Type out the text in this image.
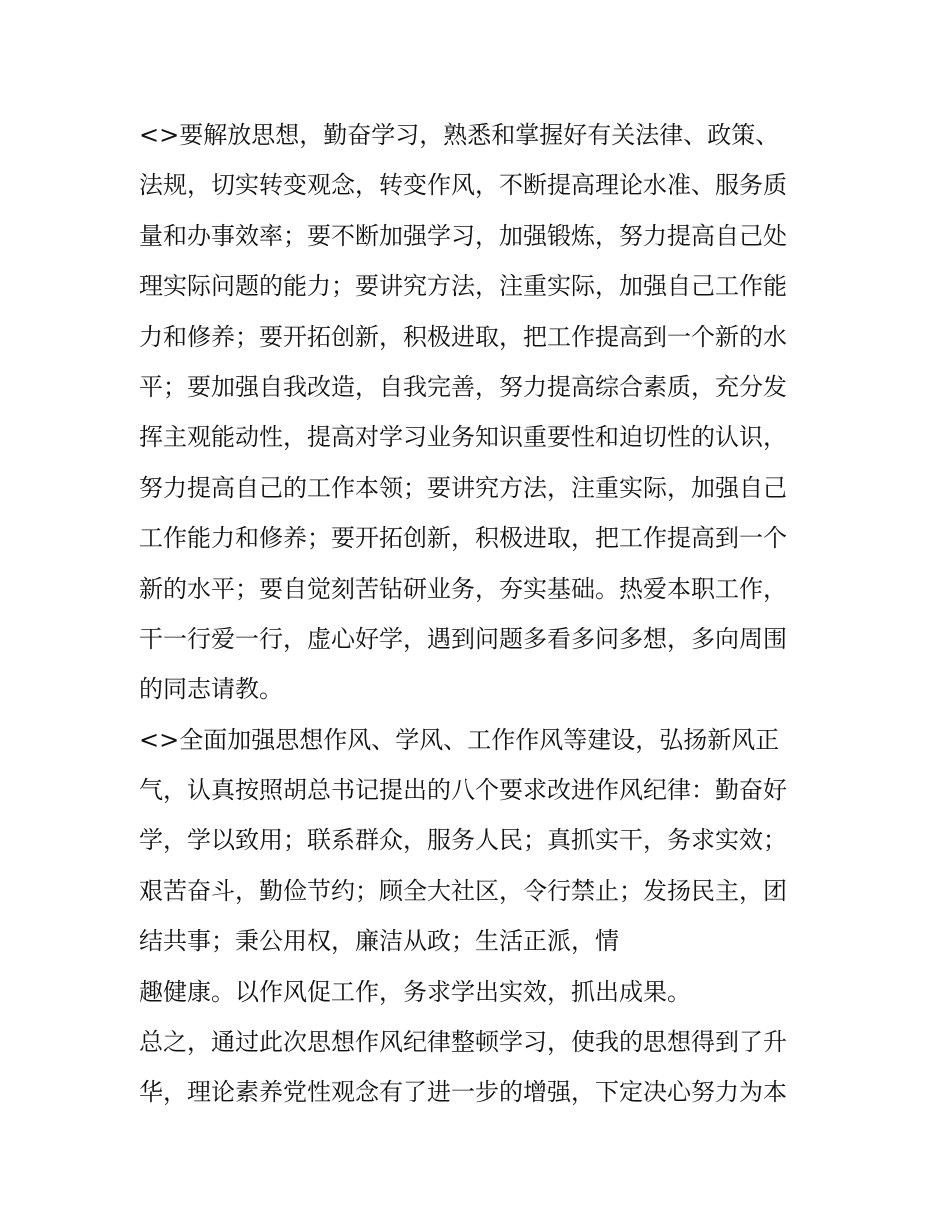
<>要解放思想，勤奋学习，熟悉和掌握好有关法律、政策、
法规，切实转变观念，转变作风，不断提高理论水准、服务质
量和办事效率；要不断加强学习，加强锻炼，努力提高自己处
理实际问题的能力；要讲究方法，注重实际，加强自己工作能
力和修养；要开拓创新，积极进取，把工作提高到一个新的水
平；要加强自我改造，自我完善，努力提高综合素质，充分发
挥主观能动性，提高对学习业务知识重要性和迫切性的认识，
努力提高自己的工作本领；要讲究方法，注重实际，加强自己
工作能力和修养；要开拓创新，积极进取，把工作提高到一个
新的水平；要自觉刻苦钻研业务，夯实基础。热爱本职工作，
干一行爱一行，虚心好学，遇到问题多看多问多想，多向周围
的同志请教。
<>全面加强思想作风、学风、工作作风等建设，弘扬新风正
气，认真按照胡总书记提出的八个要求改进作风纪律：勤奋好
学，学以致用；联系群众，服务人民；真抓实干，务求实效；
艰苦奋斗，勤俭节约；顾全大社区，令行禁止；发扬民主，团
结共事；秉公用权，廉洁从政；生活正派，情
趣健康。以作风促工作，务求学出实效，抓出成果。
总之，通过此次思想作风纪律整顿学习，使我的思想得到了升
华，理论素养党性观念有了进一步的增强，下定决心努力为本
